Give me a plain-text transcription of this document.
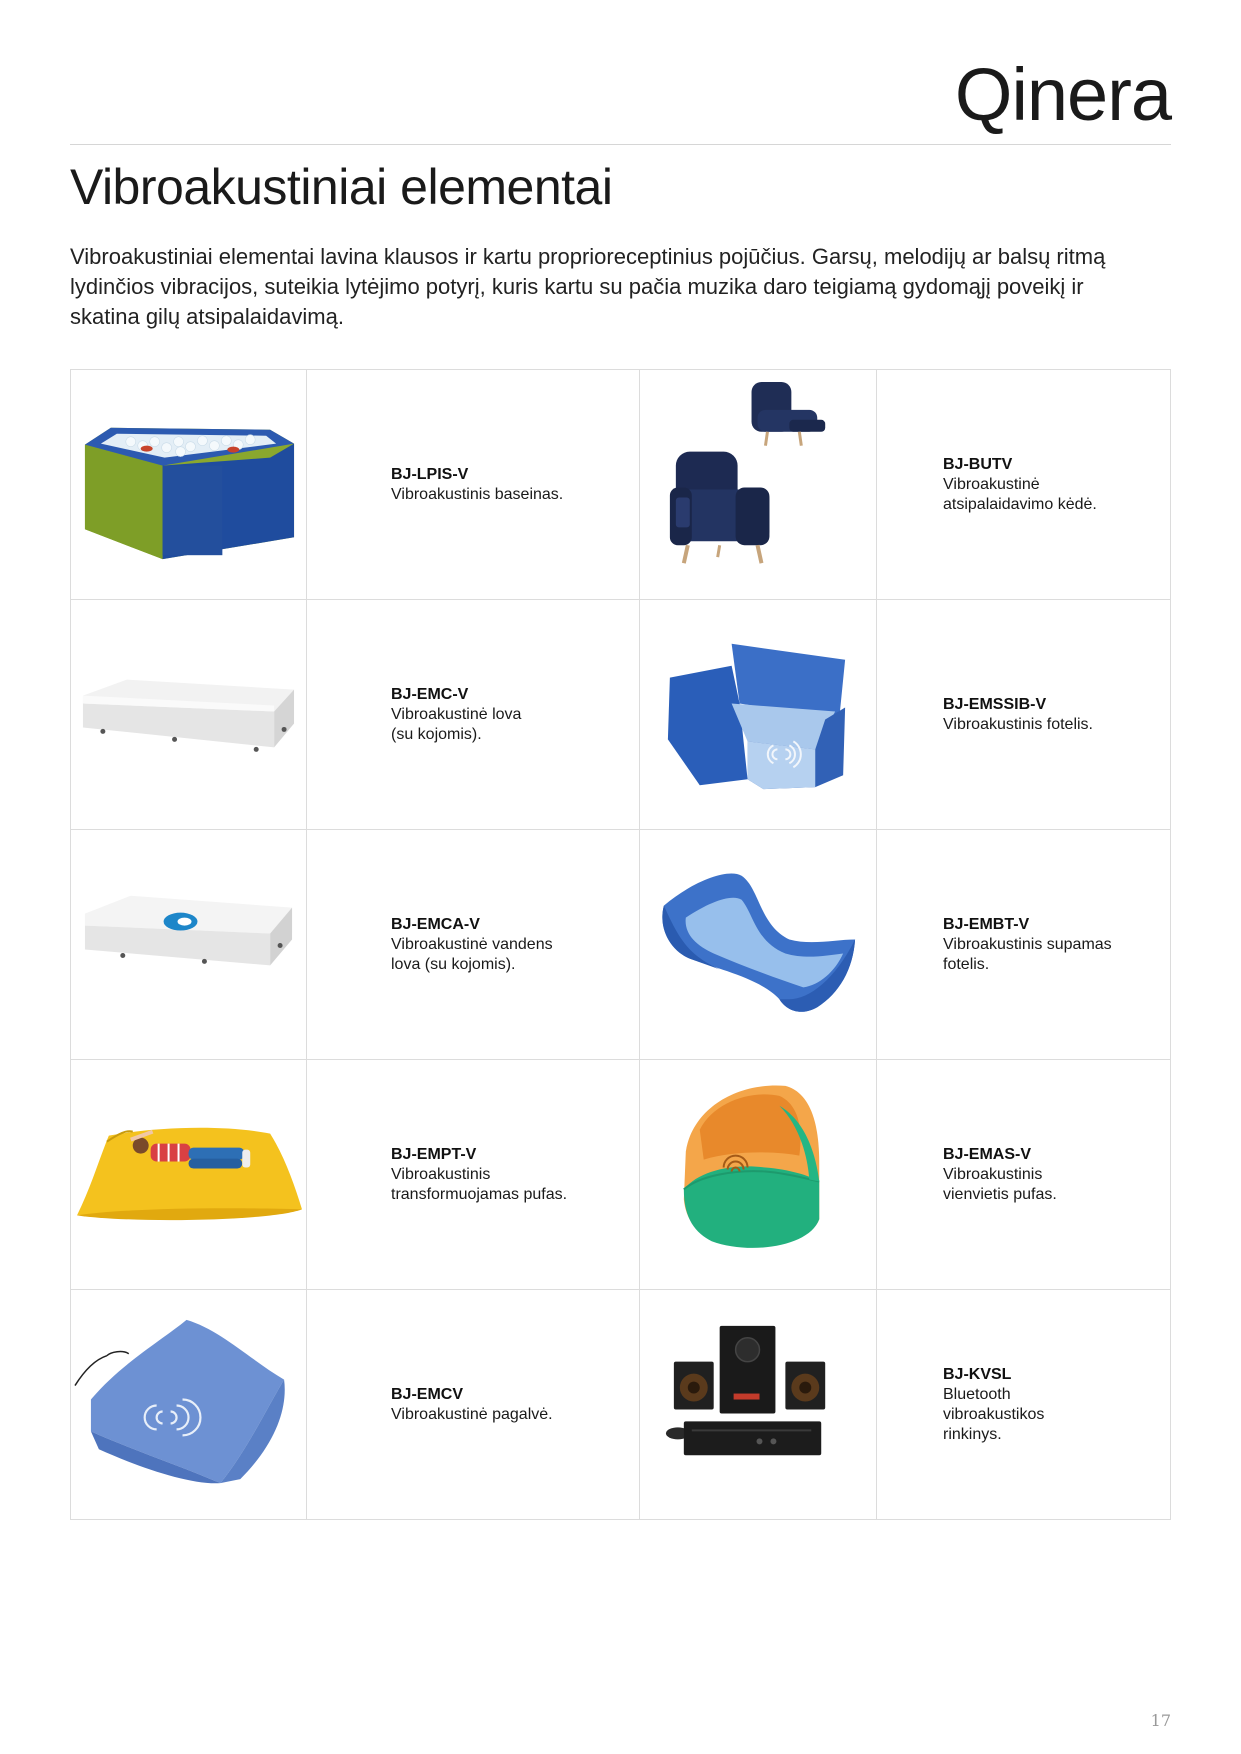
Qinera
Vibroakustiniai elementai
Vibroakustiniai elementai lavina klausos ir kartu proprioreceptinius pojūčius. Garsų, melodijų ar balsų ritmą lydinčios vibracijos, suteikia lytėjimo potyrį, kuris kartu su pačia muzika daro teigiamą gydomąjį poveikį ir skatina gilų atsipalaidavimą.
BJ-LPIS-V
Vibroakustinis baseinas.
BJ-BUTV
Vibroakustinė
atsipalaidavimo kėdė.
BJ-EMC-V
Vibroakustinė lova
(su kojomis).
BJ-EMSSIB-V
Vibroakustinis fotelis.
BJ-EMCA-V
Vibroakustinė vandens
lova (su kojomis).
BJ-EMBT-V
Vibroakustinis supamas
fotelis.
BJ-EMPT-V
Vibroakustinis
transformuojamas pufas.
BJ-EMAS-V
Vibroakustinis
vienvietis pufas.
BJ-EMCV
Vibroakustinė pagalvė.
BJ-KVSL
Bluetooth
vibroakustikos
rinkinys.
17
